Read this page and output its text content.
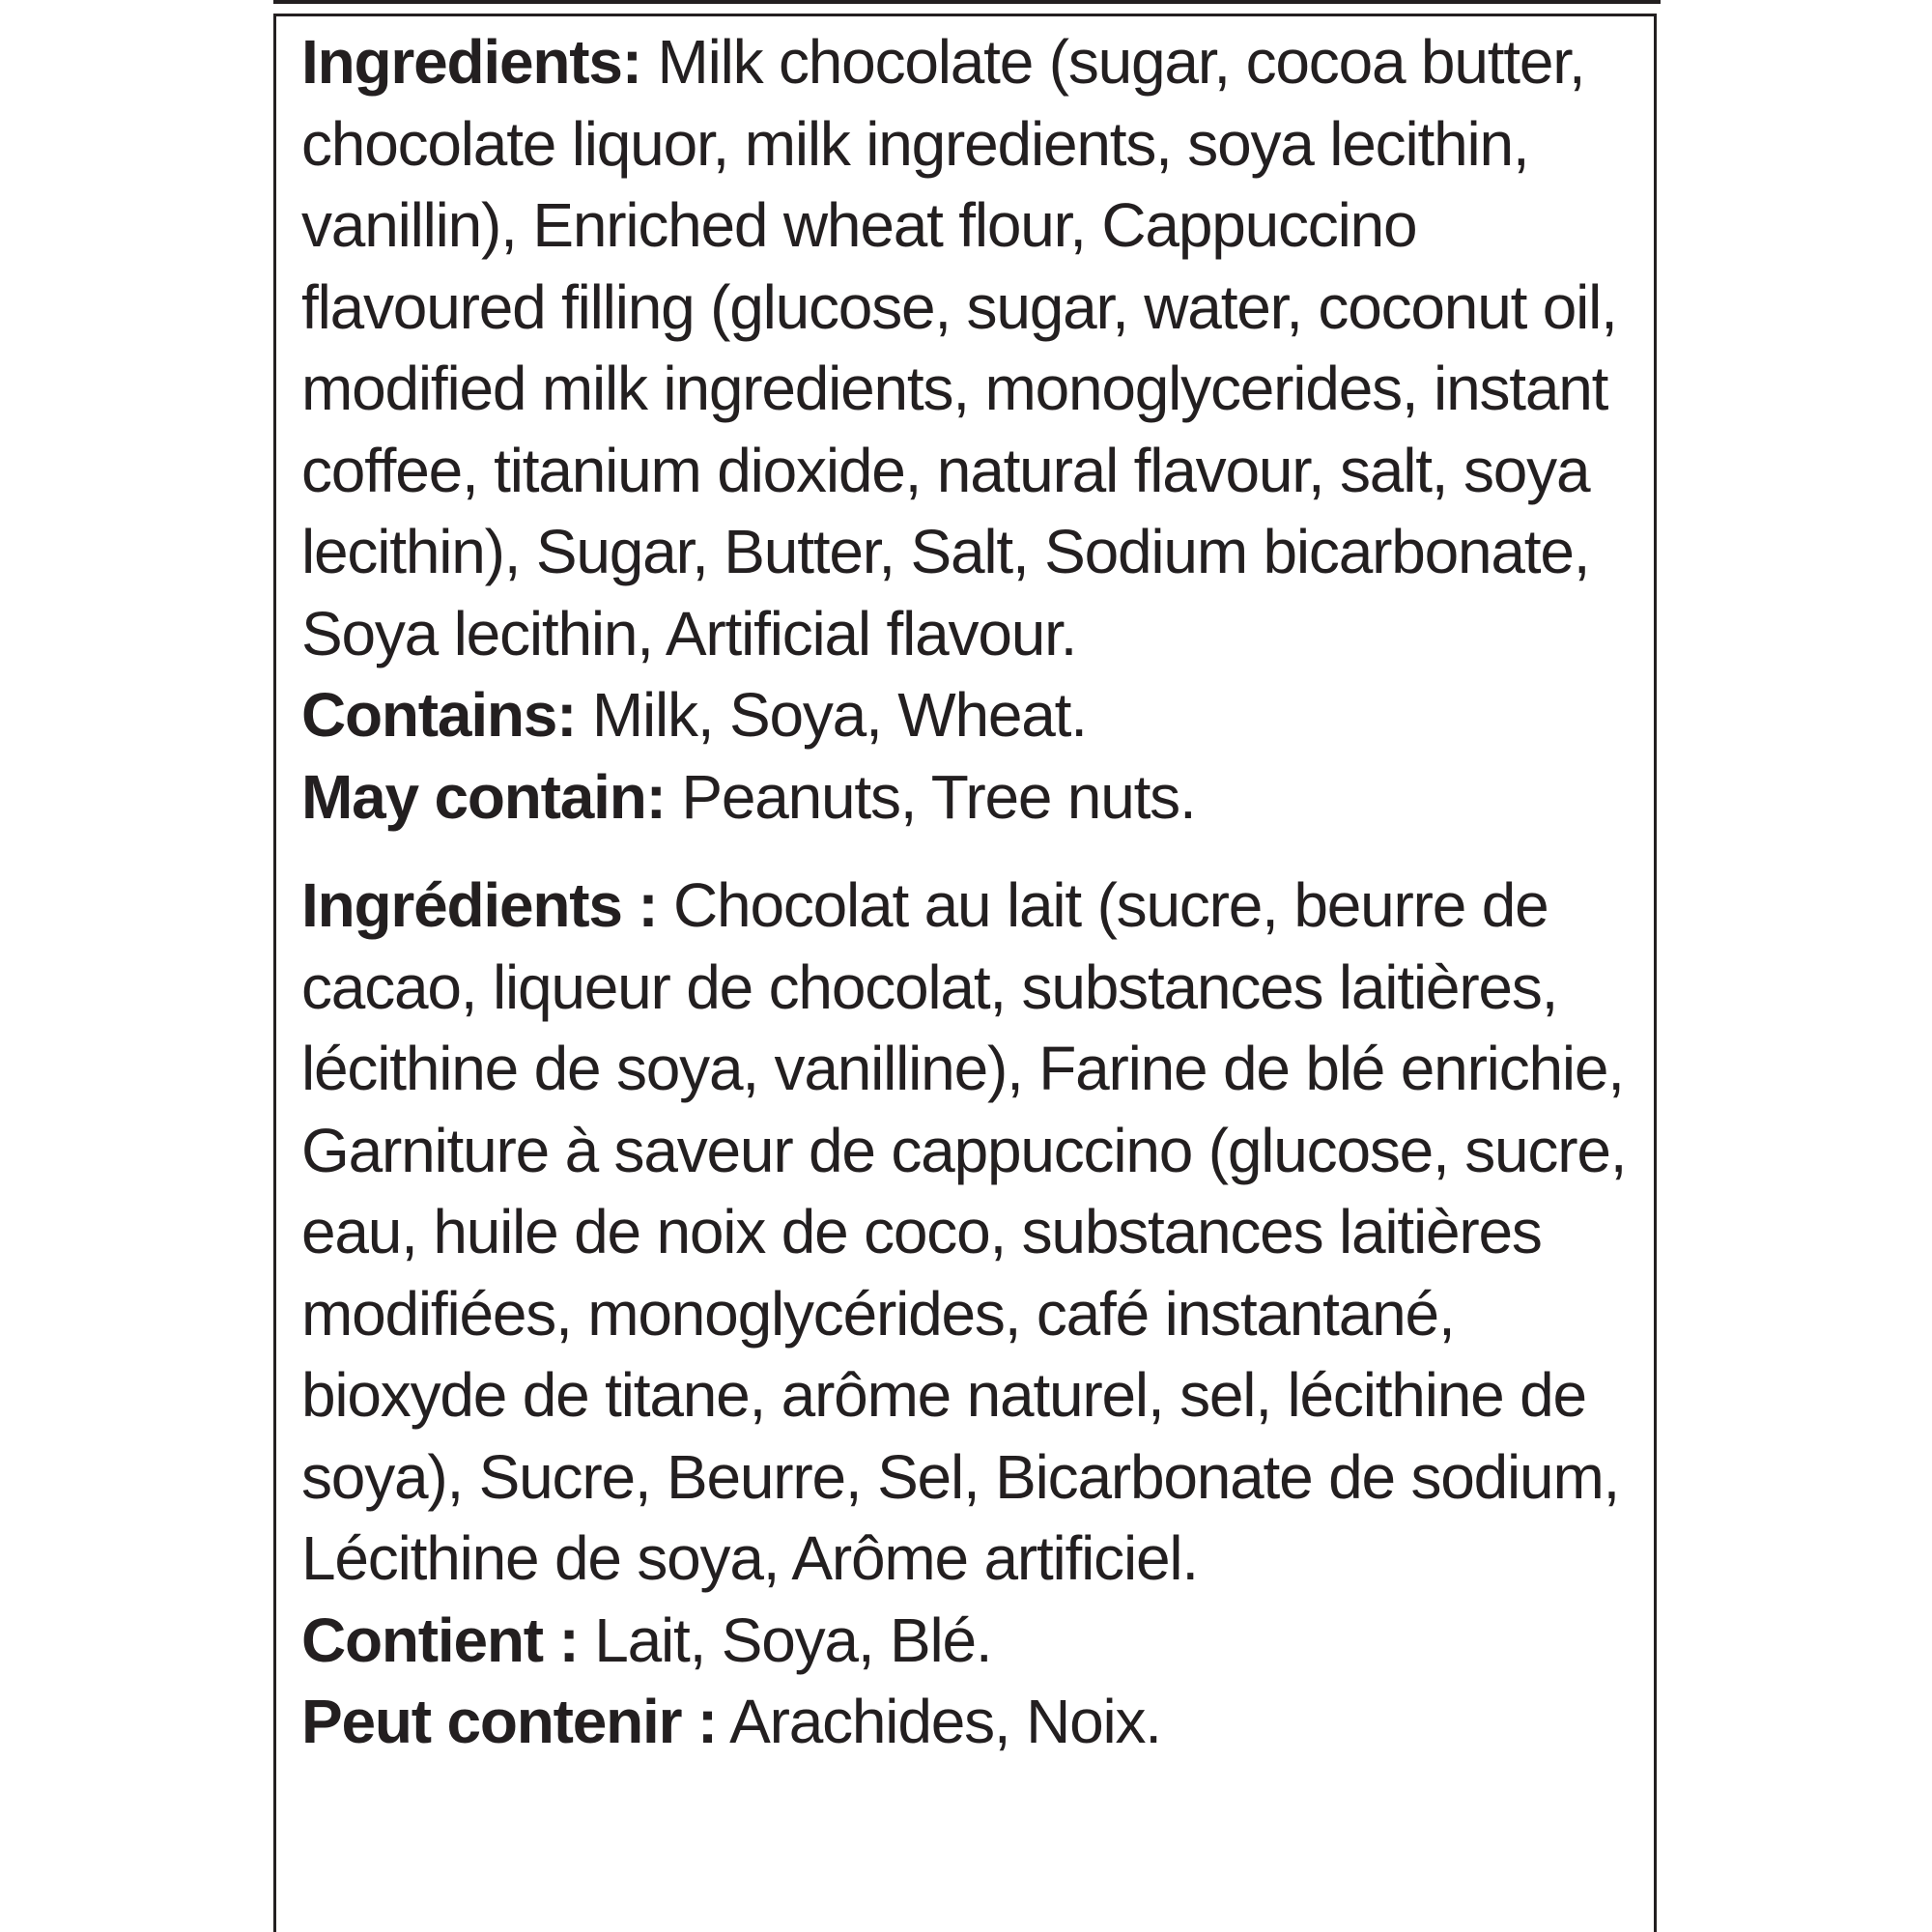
Ingredients: Milk chocolate (sugar, cocoa butter, chocolate liquor, milk ingredients, soya lecithin, vanillin), Enriched wheat flour, Cappuccino flavoured filling (glucose, sugar, water, coconut oil, modified milk ingredients, monoglycerides, instant coffee, titanium dioxide, natural flavour, salt, soya lecithin), Sugar, Butter, Salt, Sodium bicarbonate, Soya lecithin, Artificial flavour.

Contains: Milk, Soya, Wheat.

May contain: Peanuts, Tree nuts.

Ingrédients : Chocolat au lait (sucre, beurre de cacao, liqueur de chocolat, substances laitières, lécithine de soya, vanilline), Farine de blé enrichie, Garniture à saveur de cappuccino (glucose, sucre, eau, huile de noix de coco, substances laitières modifiées, monoglycérides, café instantané, bioxyde de titane, arôme naturel, sel, lécithine de soya), Sucre, Beurre, Sel, Bicarbonate de sodium, Lécithine de soya, Arôme artificiel.

Contient : Lait, Soya, Blé.

Peut contenir : Arachides, Noix.
